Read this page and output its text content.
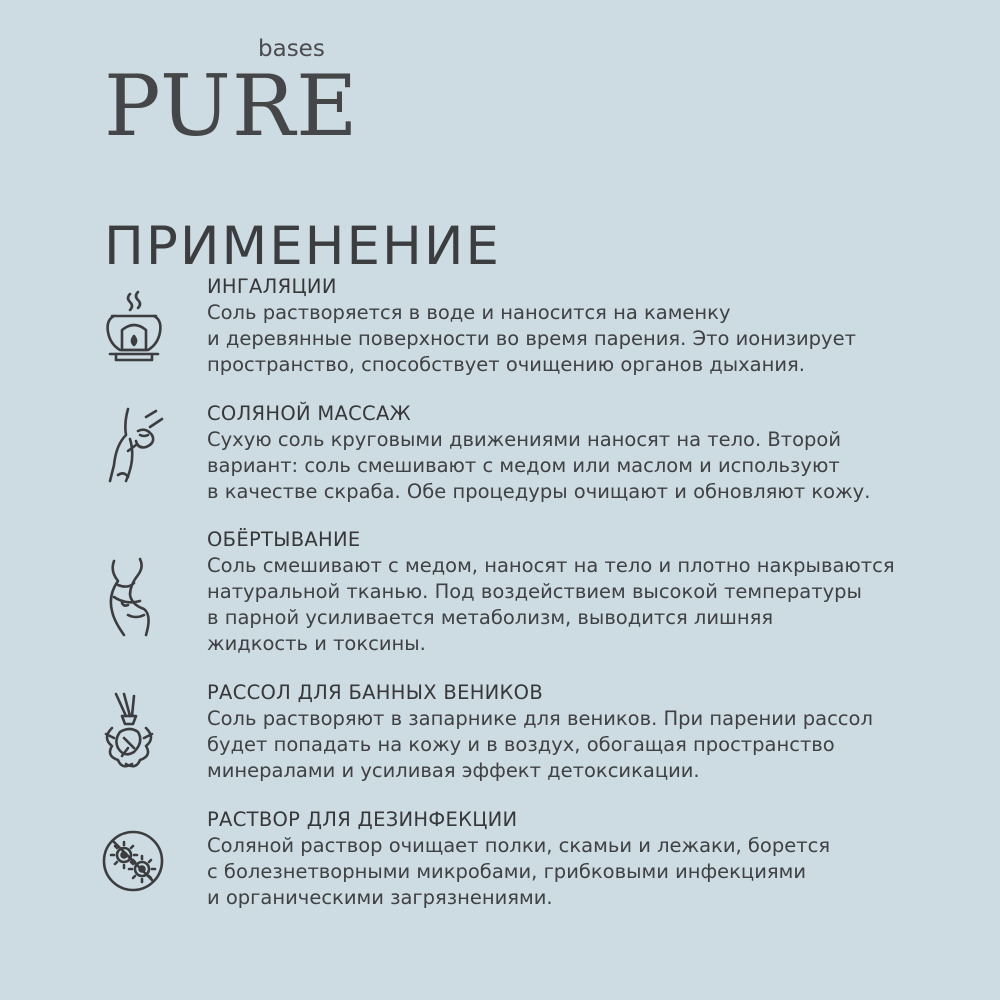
bases
PURE
ПРИМЕНЕНИЕ
ИНГАЛЯЦИИ
Соль растворяется в воде и наносится на каменку
и деревянные поверхности во время парения. Это ионизирует
пространство, способствует очищению органов дыхания.
СОЛЯНОЙ МАССАЖ
Сухую соль круговыми движениями наносят на тело. Второй
вариант: соль смешивают с медом или маслом и используют
в качестве скраба. Обе процедуры очищают и обновляют кожу.
ОБЁРТЫВАНИЕ
Соль смешивают с медом, наносят на тело и плотно накрываются
натуральной тканью. Под воздействием высокой температуры
в парной усиливается метаболизм, выводится лишняя
жидкость и токсины.
РАССОЛ ДЛЯ БАННЫХ ВЕНИКОВ
Соль растворяют в запарнике для веников. При парении рассол
будет попадать на кожу и в воздух, обогащая пространство
минералами и усиливая эффект детоксикации.
РАСТВОР ДЛЯ ДЕЗИНФЕКЦИИ
Соляной раствор очищает полки, скамьи и лежаки, борется
с болезнетворными микробами, грибковыми инфекциями
и органическими загрязнениями.
